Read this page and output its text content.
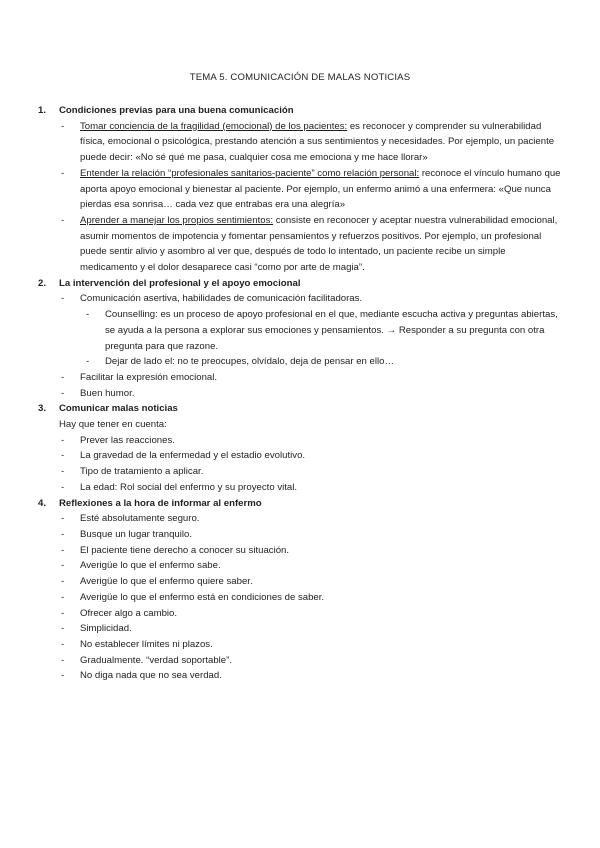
TEMA 5. COMUNICACIÓN DE MALAS NOTICIAS
1.	Condiciones previas para una buena comunicación
-	Tomar conciencia de la fragilidad (emocional) de los pacientes: es reconocer y comprender su vulnerabilidad física, emocional o psicológica, prestando atención a sus sentimientos y necesidades. Por ejemplo, un paciente puede decir: «No sé qué me pasa, cualquier cosa me emociona y me hace llorar»
-	Entender la relación “profesionales sanitarios-paciente” como relación personal: reconoce el vínculo humano que aporta apoyo emocional y bienestar al paciente. Por ejemplo, un enfermo animó a una enfermera: «Que nunca pierdas esa sonrisa… cada vez que entrabas era una alegría»
-	Aprender a manejar los propios sentimientos: consiste en reconocer y aceptar nuestra vulnerabilidad emocional, asumir momentos de impotencia y fomentar pensamientos y refuerzos positivos. Por ejemplo, un profesional puede sentir alivio y asombro al ver que, después de todo lo intentado, un paciente recibe un simple medicamento y el dolor desaparece casi “como por arte de magia”.
2.	La intervención del profesional y el apoyo emocional
-	Comunicación asertiva, habilidades de comunicación facilitadoras.
-	Counselling: es un proceso de apoyo profesional en el que, mediante escucha activa y preguntas abiertas, se ayuda a la persona a explorar sus emociones y pensamientos. → Responder a su pregunta con otra pregunta para que razone.
-	Dejar de lado el: no te preocupes, olvídalo, deja de pensar en ello…
-	Facilitar la expresión emocional.
-	Buen humor.
3.	Comunicar malas noticias
Hay que tener en cuenta:
-	Prever las reacciones.
-	La gravedad de la enfermedad y el estadio evolutivo.
-	Tipo de tratamiento a aplicar.
-	La edad: Rol social del enfermo y su proyecto vital.
4.	Reflexiones a la hora de informar al enfermo
-	Esté absolutamente seguro.
-	Busque un lugar tranquilo.
-	El paciente tiene derecho a conocer su situación.
-	Averigüe lo que el enfermo sabe.
-	Averigüe lo que el enfermo quiere saber.
-	Averigüe lo que el enfermo está en condiciones de saber.
-	Ofrecer algo a cambio.
-	Simplicidad.
-	No establecer límites ni plazos.
-	Gradualmente. “verdad soportable”.
-	No diga nada que no sea verdad.
